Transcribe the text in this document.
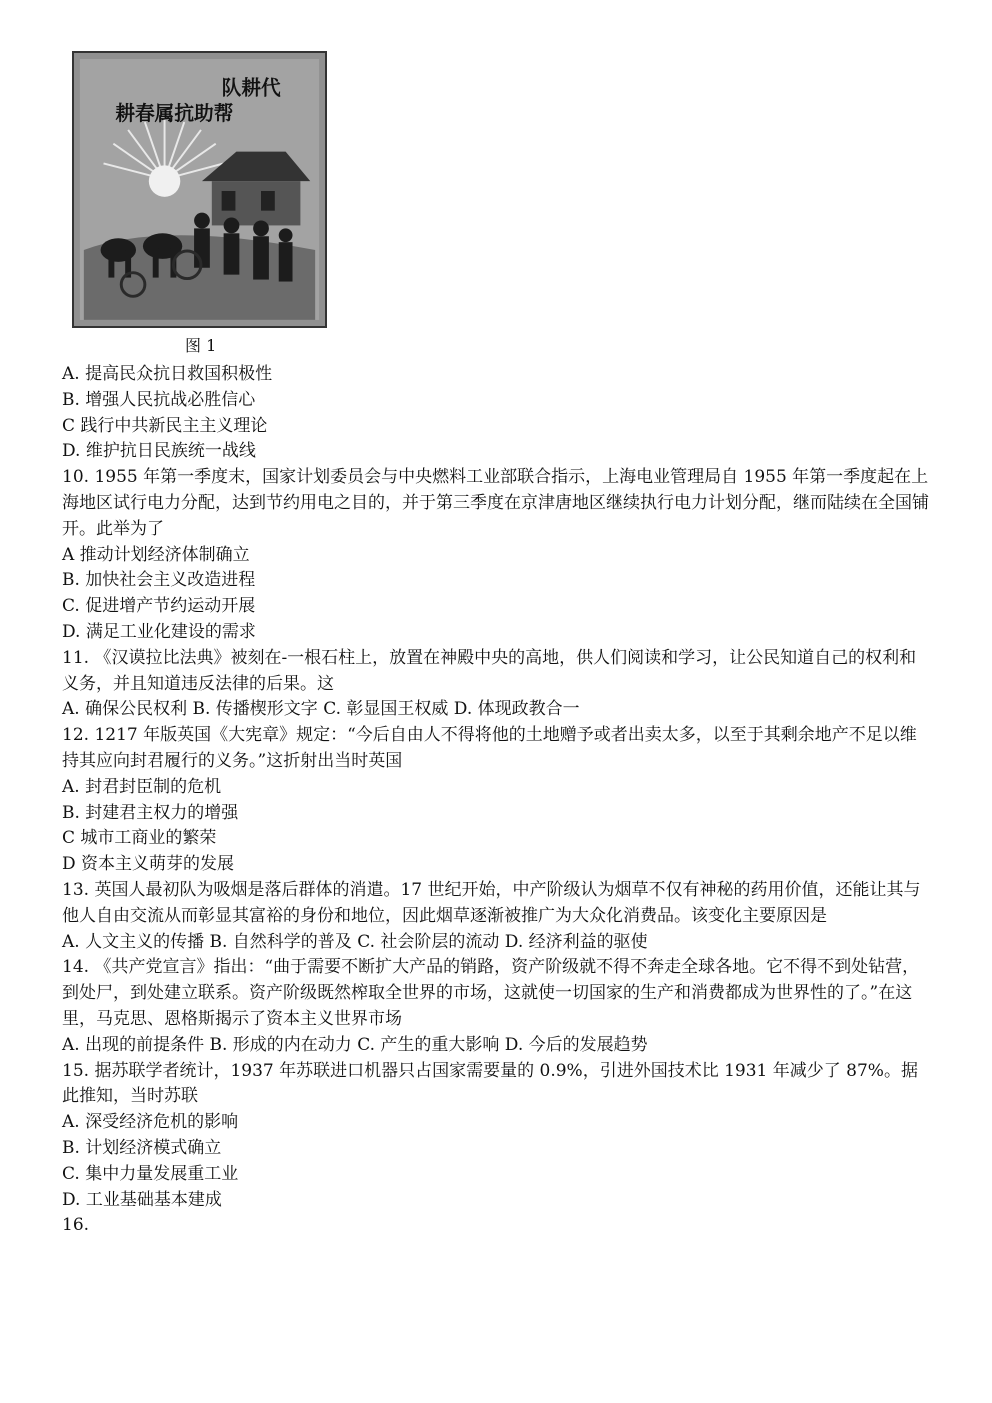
队耕代
耕春属抗助帮
图 1
A. 提高民众抗日救国积极性
B. 增强人民抗战必胜信心
C 践行中共新民主主义理论
D. 维护抗日民族统一战线
10. 1955 年第一季度末，国家计划委员会与中央燃料工业部联合指示，上海电业管理局自 1955 年第一季度起在上海地区试行电力分配，达到节约用电之目的，并于第三季度在京津唐地区继续执行电力计划分配，继而陆续在全国铺开。此举为了
A 推动计划经济体制确立
B. 加快社会主义改造进程
C. 促进增产节约运动开展
D. 满足工业化建设的需求
11. 《汉谟拉比法典》被刻在-一根石柱上，放置在神殿中央的高地，供人们阅读和学习，让公民知道自己的权利和义务，并且知道违反法律的后果。这
A. 确保公民权利 B. 传播楔形文字 C. 彰显国王权威 D. 体现政教合一
12. 1217 年版英国《大宪章》规定：“今后自由人不得将他的土地赠予或者出卖太多，以至于其剩余地产不足以维持其应向封君履行的义务。”这折射出当时英国
A. 封君封臣制的危机
B. 封建君主权力的增强
C 城市工商业的繁荣
D 资本主义萌芽的发展
13. 英国人最初队为吸烟是落后群体的消遣。17 世纪开始，中产阶级认为烟草不仅有神秘的药用价值，还能让其与他人自由交流从而彰显其富裕的身份和地位，因此烟草逐渐被推广为大众化消费品。该变化主要原因是
A. 人文主义的传播 B. 自然科学的普及 C. 社会阶层的流动 D. 经济利益的驱使
14. 《共产党宣言》指出：“曲于需要不断扩大产品的销路，资产阶级就不得不奔走全球各地。它不得不到处钻营，到处尸，到处建立联系。资产阶级既然榨取全世界的市场，这就使一切国家的生产和消费都成为世界性的了。”在这里，马克思、恩格斯揭示了资本主义世界市场
A. 出现的前提条件 B. 形成的内在动力 C. 产生的重大影响 D. 今后的发展趋势
15. 据苏联学者统计，1937 年苏联进口机器只占国家需要量的 0.9%，引进外国技术比 1931 年减少了 87%。据此推知，当时苏联
A. 深受经济危机的影响
B. 计划经济模式确立
C. 集中力量发展重工业
D. 工业基础基本建成
16.
